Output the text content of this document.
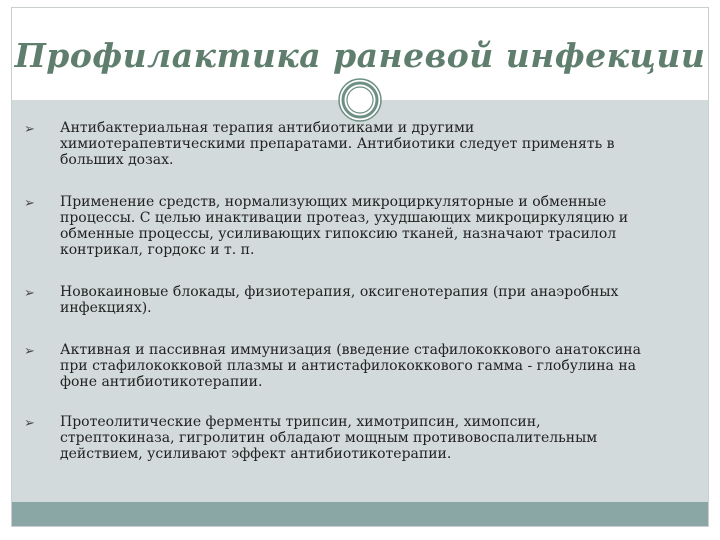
Профилактика раневой инфекции
➢ Антибактериальная терапия антибиотиками и другими
химиотерапевтическими препаратами. Антибиотики следует применять в
больших дозах.
➢ Применение средств, нормализующих микроциркуляторные и обменные
процессы. С целью инактивации протеаз, ухудшающих микроциркуляцию и
обменные процессы, усиливающих гипоксию тканей, назначают трасилол
контрикал, гордокс и т. п.
➢ Новокаиновые блокады, физиотерапия, оксигенотерапия (при анаэробных
инфекциях).
➢ Активная и пассивная иммунизация (введение стафилококкового анатоксина
при стафилококковой плазмы и антистафилококкового гамма - глобулина на
фоне антибиотикотерапии.
➢ Протеолитические ферменты трипсин, химотрипсин, химопсин,
стрептокиназа, гигролитин обладают мощным противовоспалительным
действием, усиливают эффект антибиотикотерапии.
